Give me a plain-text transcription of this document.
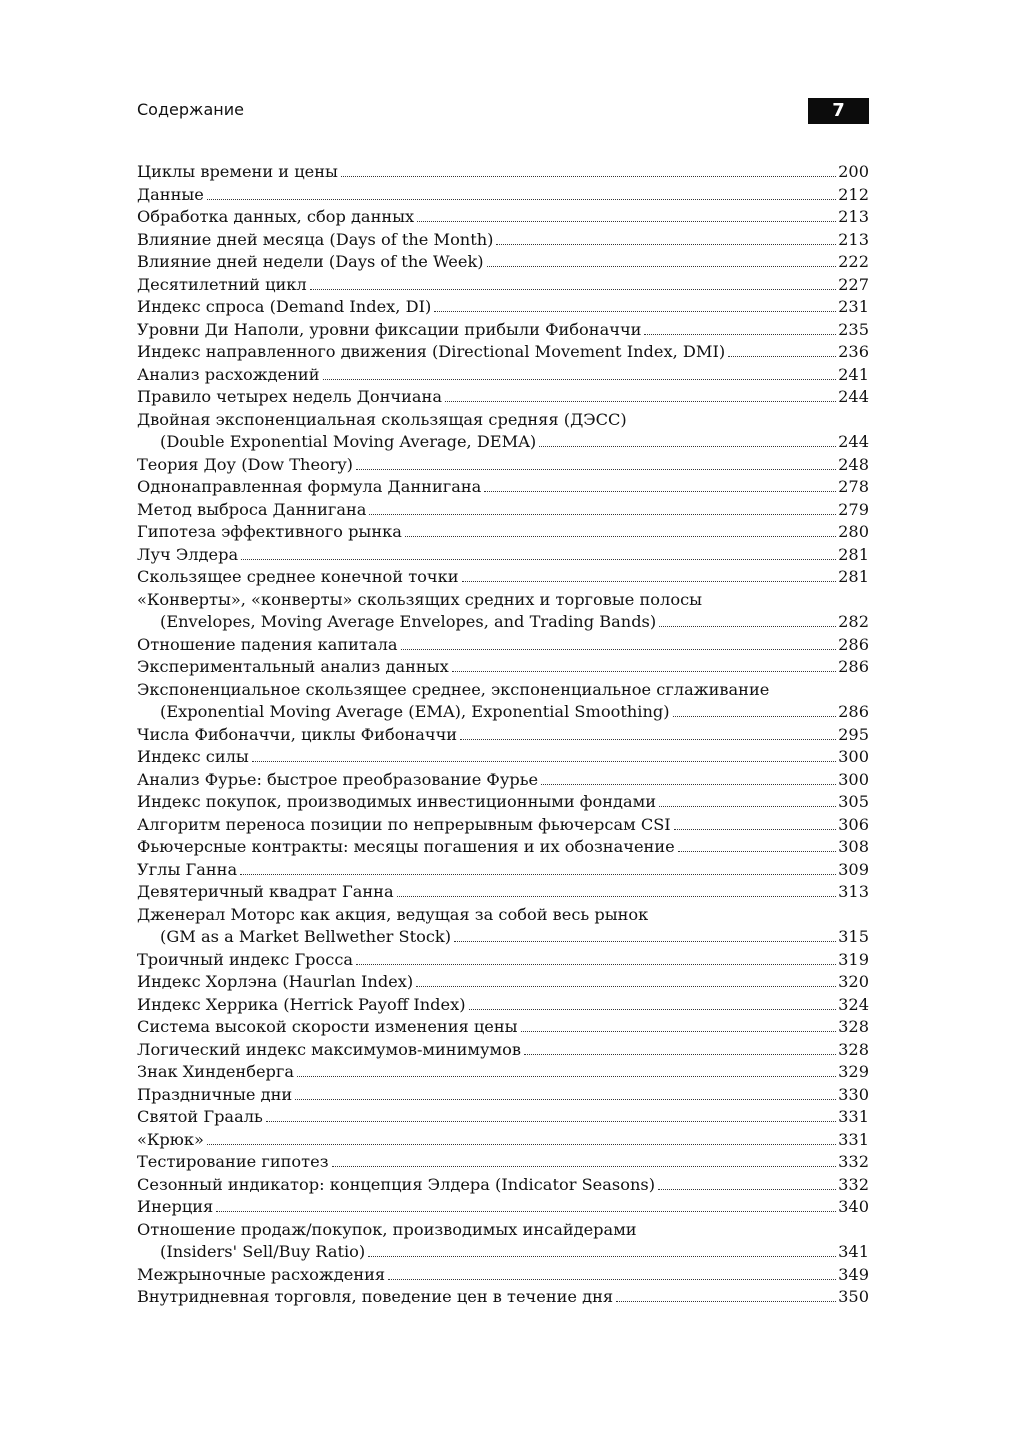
Содержание	7
Циклы времени и цены	200
Данные	212
Обработка данных, сбор данных	213
Влияние дней месяца (Days of the Month)	213
Влияние дней недели (Days of the Week)	222
Десятилетний цикл	227
Индекс спроса (Demand Index, DI)	231
Уровни Ди Наполи, уровни фиксации прибыли Фибоначчи	235
Индекс направленного движения (Directional Movement Index, DMI)	236
Анализ расхождений	241
Правило четырех недель Дончиана	244
Двойная экспоненциальная скользящая средняя (ДЭСС)
(Double Exponential Moving Average, DEMA)	244
Теория Доу (Dow Theory)	248
Однонаправленная формула Даннигана	278
Метод выброса Даннигана	279
Гипотеза эффективного рынка	280
Луч Элдера	281
Скользящее среднее конечной точки	281
«Конверты», «конверты» скользящих средних и торговые полосы
(Envelopes, Moving Average Envelopes, and Trading Bands)	282
Отношение падения капитала	286
Экспериментальный анализ данных	286
Экспоненциальное скользящее среднее, экспоненциальное сглаживание
(Exponential Moving Average (EMA), Exponential Smoothing)	286
Числа Фибоначчи, циклы Фибоначчи	295
Индекс силы	300
Анализ Фурье: быстрое преобразование Фурье	300
Индекс покупок, производимых инвестиционными фондами	305
Алгоритм переноса позиции по непрерывным фьючерсам CSI	306
Фьючерсные контракты: месяцы погашения и их обозначение	308
Углы Ганна	309
Девятеричный квадрат Ганна	313
Дженерал Моторс как акция, ведущая за собой весь рынок
(GM as a Market Bellwether Stock)	315
Троичный индекс Гросса	319
Индекс Хорлэна (Haurlan Index)	320
Индекс Херрика (Herrick Payoff Index)	324
Система высокой скорости изменения цены	328
Логический индекс максимумов-минимумов	328
Знак Хинденберга	329
Праздничные дни	330
Святой Грааль	331
«Крюк»	331
Тестирование гипотез	332
Сезонный индикатор: концепция Элдера (Indicator Seasons)	332
Инерция	340
Отношение продаж/покупок, производимых инсайдерами
(Insiders' Sell/Buy Ratio)	341
Межрыночные расхождения	349
Внутридневная торговля, поведение цен в течение дня	350
